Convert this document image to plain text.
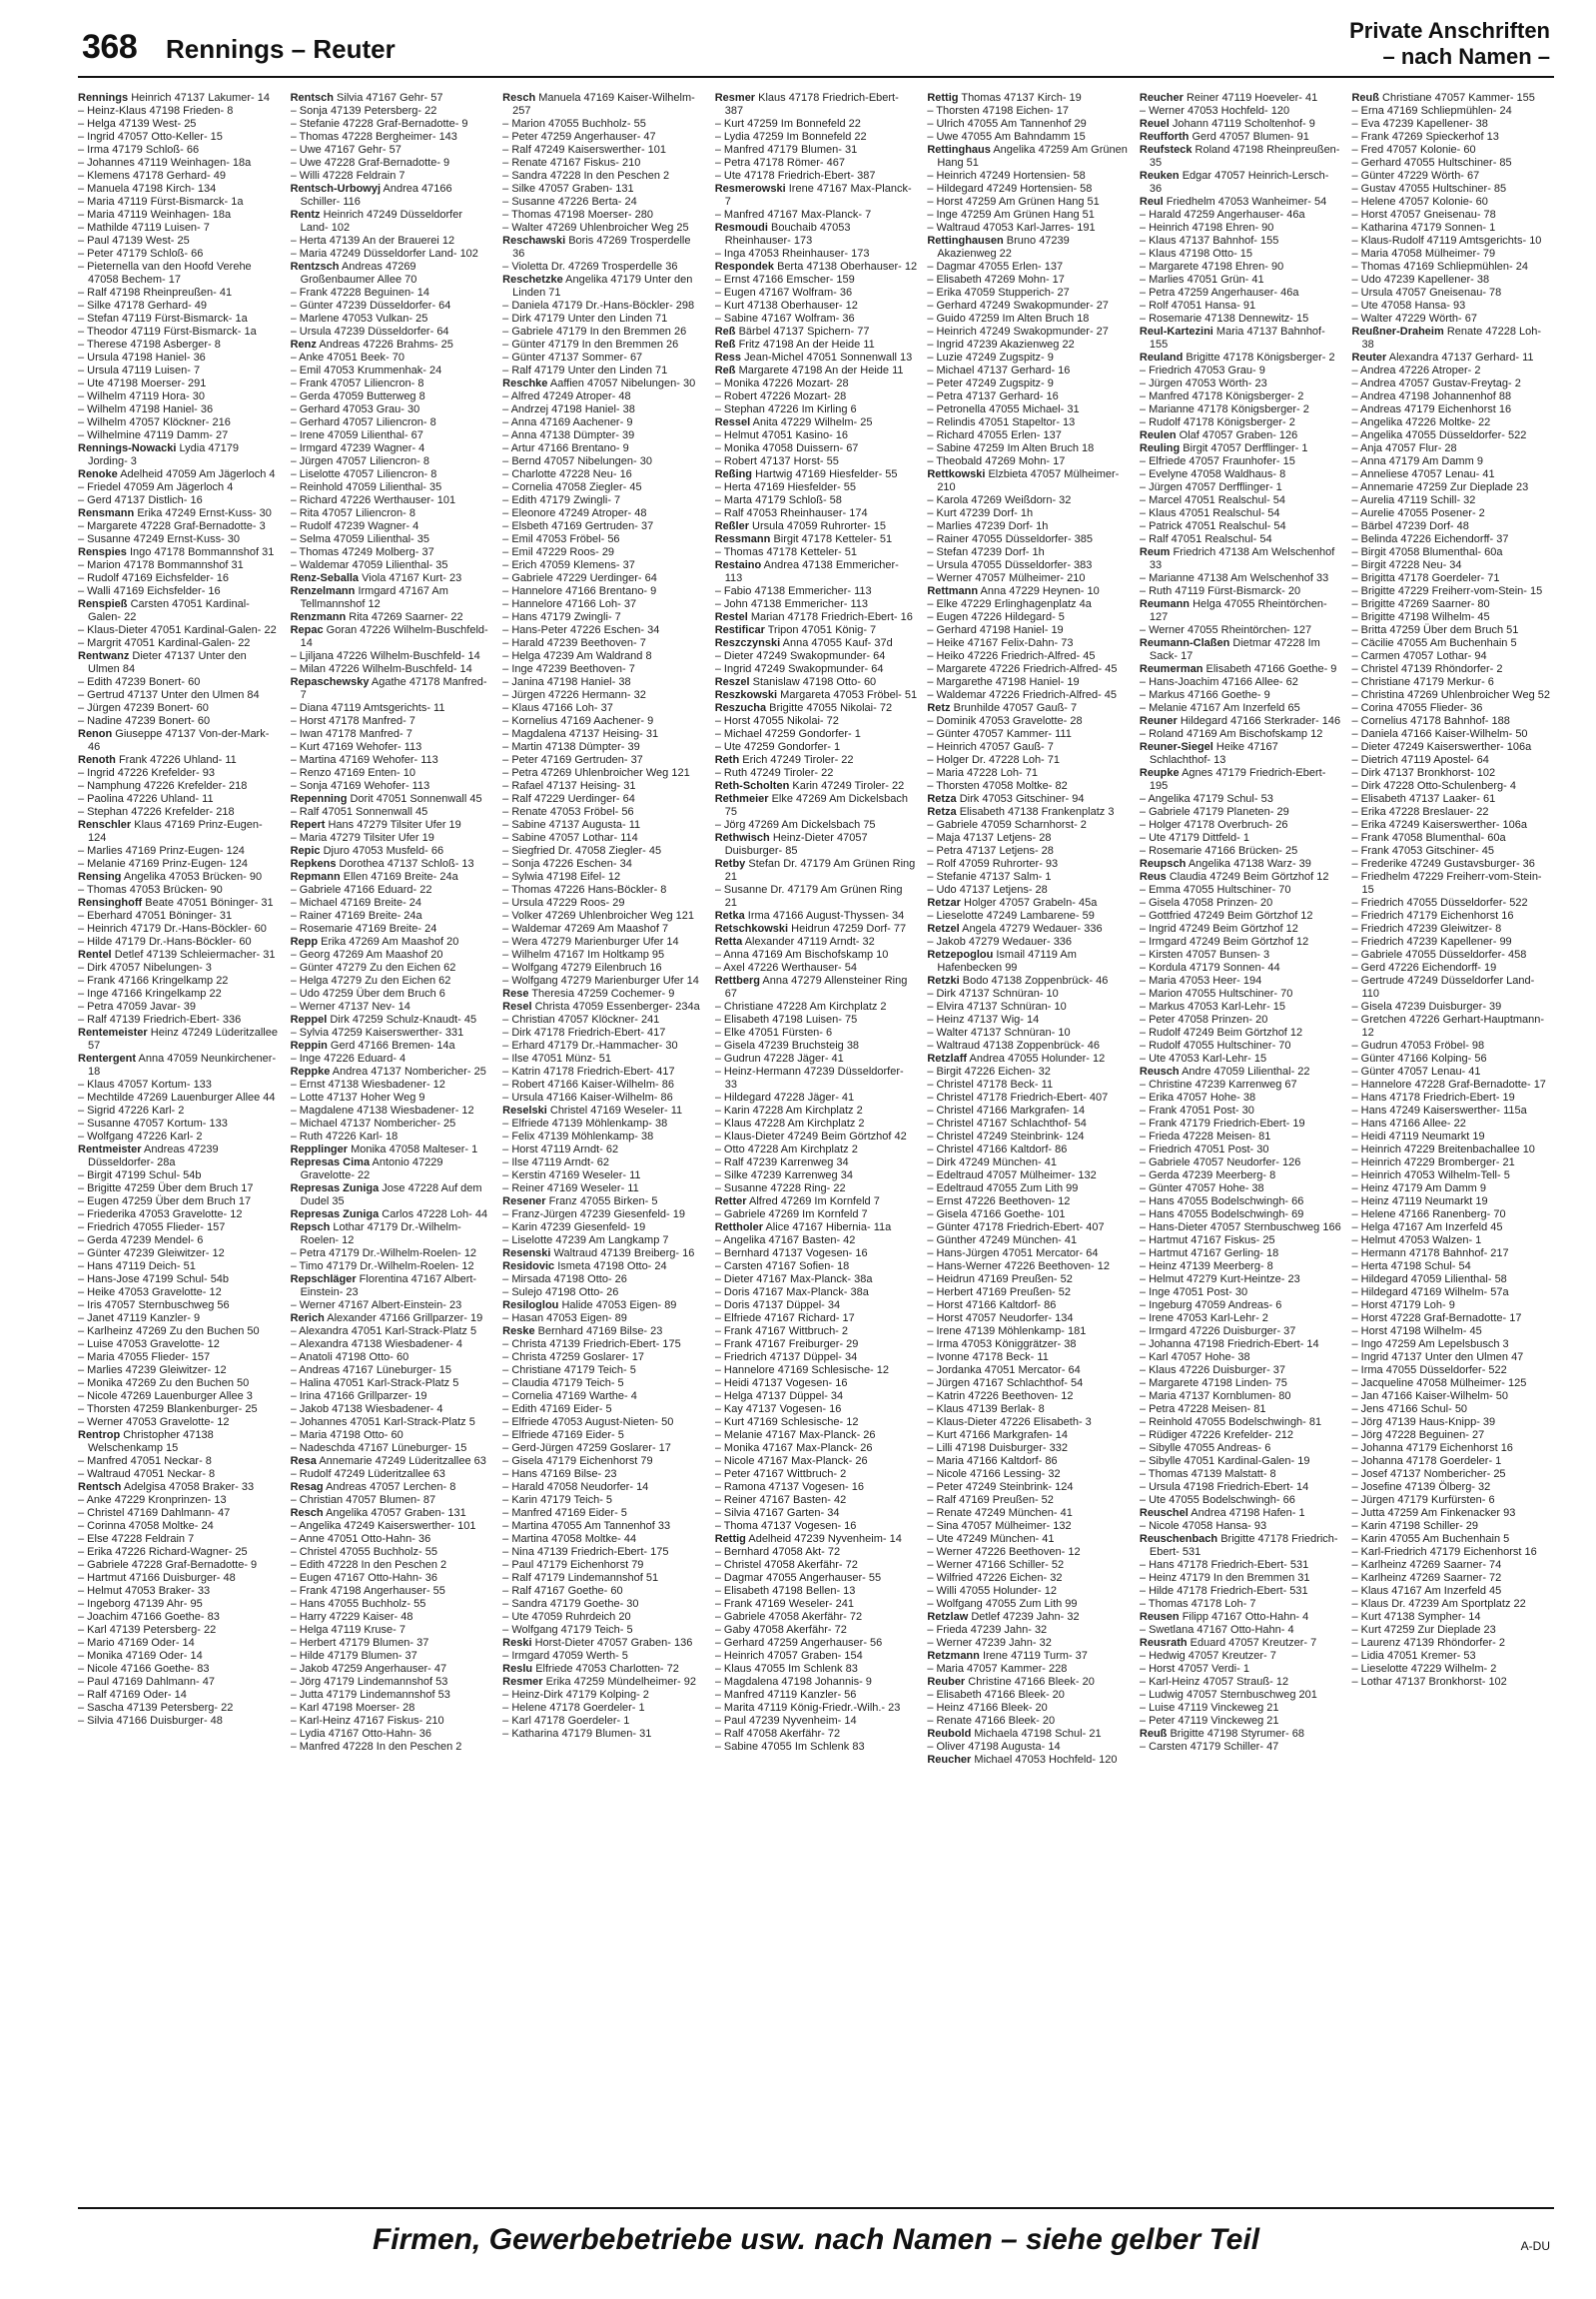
368 Rennings – Reuter
Private Anschriften
– nach Namen –
Rennings Heinrich 47137 Lakumer- 14
– Heinz-Klaus 47198 Frieden- 8
– Helga 47139 West- 25
– Ingrid 47057 Otto-Keller- 15
– Irma 47179 Schloß- 66
– Johannes 47119 Weinhagen- 18a
– Klemens 47178 Gerhard- 49
– Manuela 47198 Kirch- 134
– Maria 47119 Fürst-Bismarck- 1a
– Maria 47119 Weinhagen- 18a
– Mathilde 47119 Luisen- 7
– Paul 47139 West- 25
– Peter 47179 Schloß- 66
– Pieternella van den Hoofd Verehe 47058 Bechem- 17
– Ralf 47198 Rheinpreußen- 41
– Silke 47178 Gerhard- 49
– Stefan 47119 Fürst-Bismarck- 1a
– Theodor 47119 Fürst-Bismarck- 1a
– Therese 47198 Asberger- 8
– Ursula 47198 Haniel- 36
– Ursula 47119 Luisen- 7
– Ute 47198 Moerser- 291
– Wilhelm 47119 Hora- 30
– Wilhelm 47198 Haniel- 36
– Wilhelm 47057 Klöckner- 216
– Wilhelmine 47119 Damm- 27
Rennings-Nowacki Lydia 47179 Jording- 3
Renoke Adelheid 47059 Am Jägerloch 4
– Friedel 47059 Am Jägerloch 4
– Gerd 47137 Distlich- 16
Rensmann Erika 47249 Ernst-Kuss- 30
– Margarete 47228 Graf-Bernadotte- 3
– Susanne 47249 Ernst-Kuss- 30
Renspies Ingo 47178 Bommannshof 31
– Marion 47178 Bommannshof 31
– Rudolf 47169 Eichsfelder- 16
– Walli 47169 Eichsfelder- 16
Renspieß Carsten 47051 Kardinal-Galen- 22
– Klaus-Dieter 47051 Kardinal-Galen- 22
– Margrit 47051 Kardinal-Galen- 22
Rentwanz Dieter 47137 Unter den Ulmen 84
– Edith 47239 Bonert- 60
– Gertrud 47137 Unter den Ulmen 84
– Jürgen 47239 Bonert- 60
– Nadine 47239 Bonert- 60
Renon Giuseppe 47137 Von-der-Mark- 46
Renoth Frank 47226 Uhland- 11
– Ingrid 47226 Krefelder- 93
– Namphung 47226 Krefelder- 218
– Paolina 47226 Uhland- 11
– Stephan 47226 Krefelder- 218
Renschler Klaus 47169 Prinz-Eugen- 124
– Marlies 47169 Prinz-Eugen- 124
– Melanie 47169 Prinz-Eugen- 124
Rensing Angelika 47053 Brücken- 90
– Thomas 47053 Brücken- 90
Rensinghoff Beate 47051 Böninger- 31
– Eberhard 47051 Böninger- 31
– Heinrich 47179 Dr.-Hans-Böckler- 60
– Hilde 47179 Dr.-Hans-Böckler- 60
Rentel Detlef 47139 Schleiermacher- 31
– Dirk 47057 Nibelungen- 3
– Frank 47166 Kringelkamp 22
– Inge 47166 Kringelkamp 22
– Petra 47059 Javar- 39
– Ralf 47139 Friedrich-Ebert- 336
Rentemeister Heinz 47249 Lüderitzallee 57
Rentergent Anna 47059 Neunkirchener- 18
– Klaus 47057 Kortum- 133
– Mechtilde 47269 Lauenburger Allee 44
– Sigrid 47226 Karl- 2
– Susanne 47057 Kortum- 133
– Wolfgang 47226 Karl- 2
Rentmeister Andreas 47239 Düsseldorfer- 28a
– Birgit 47199 Schul- 54b
– Brigitte 47259 Über dem Bruch 17
– Eugen 47259 Über dem Bruch 17
– Friederika 47053 Gravelotte- 12
– Friedrich 47055 Flieder- 157
– Gerda 47239 Mendel- 6
– Günter 47239 Gleiwitzer- 12
– Hans 47119 Deich- 51
– Hans-Jose 47199 Schul- 54b
– Heike 47053 Gravelotte- 12
– Iris 47057 Sternbuschweg 56
– Janet 47119 Kanzler- 9
– Karlheinz 47269 Zu den Buchen 50
– Luise 47053 Gravelotte- 12
– Maria 47055 Flieder- 157
– Marlies 47239 Gleiwitzer- 12
– Monika 47269 Zu den Buchen 50
– Nicole 47269 Lauenburger Allee 3
– Thorsten 47259 Blankenburger- 25
– Werner 47053 Gravelotte- 12
Rentrop Christopher 47138 Welschenkamp 15
– Manfred 47051 Neckar- 8
– Waltraud 47051 Neckar- 8
Rentsch Adelgisa 47058 Braker- 33
– Anke 47229 Kronprinzen- 13
– Christel 47169 Dahlmann- 47
– Corinna 47058 Moltke- 24
– Else 47228 Feldrain 7
– Erika 47226 Richard-Wagner- 25
– Gabriele 47228 Graf-Bernadotte- 9
– Hartmut 47166 Duisburger- 48
– Helmut 47053 Braker- 33
– Ingeborg 47139 Ahr- 95
– Joachim 47166 Goethe- 83
– Karl 47139 Petersberg- 22
– Mario 47169 Oder- 14
– Monika 47169 Oder- 14
– Nicole 47166 Goethe- 83
– Paul 47169 Dahlmann- 47
– Ralf 47169 Oder- 14
– Sascha 47139 Petersberg- 22
– Silvia 47166 Duisburger- 48
Rentsch Silvia 47167 Gehr- 57
– Sonja 47139 Petersberg- 22
– Stefanie 47228 Graf-Bernadotte- 9
– Thomas 47228 Bergheimer- 143
– Uwe 47167 Gehr- 57
– Uwe 47228 Graf-Bernadotte- 9
– Willi 47228 Feldrain 7
Rentsch-Urbowyj Andrea 47166 Schiller- 116
Rentz Heinrich 47249 Düsseldorfer Land- 102
– Herta 47139 An der Brauerei 12
– Maria 47249 Düsseldorfer Land- 102
Rentzsch Andreas 47269 Großenbaumer Allee 70
– Frank 47228 Beguinen- 14
– Günter 47239 Düsseldorfer- 64
– Marlene 47053 Vulkan- 25
– Ursula 47239 Düsseldorfer- 64
Renz Andreas 47226 Brahms- 25
– Anke 47051 Beek- 70
– Emil 47053 Krummenhak- 24
– Frank 47057 Liliencron- 8
– Gerda 47059 Butterweg 8
– Gerhard 47053 Grau- 30
– Gerhard 47057 Liliencron- 8
– Irene 47059 Lilienthal- 67
– Irmgard 47239 Wagner- 4
– Jürgen 47057 Liliencron- 8
– Liselotte 47057 Liliencron- 8
– Reinhold 47059 Lilienthal- 35
– Richard 47226 Werthauser- 101
– Rita 47057 Liliencron- 8
– Rudolf 47239 Wagner- 4
– Selma 47059 Lilienthal- 35
– Thomas 47249 Molberg- 37
– Waldemar 47059 Lilienthal- 35
Renz-Seballa Viola 47167 Kurt- 23
Renzelmann Irmgard 47167 Am Tellmannshof 12
Renzmann Rita 47269 Saarner- 22
Repac Goran 47226 Wilhelm-Buschfeld- 14
– Ljiljana 47226 Wilhelm-Buschfeld- 14
– Milan 47226 Wilhelm-Buschfeld- 14
Repaschewsky Agathe 47178 Manfred- 7
– Diana 47119 Amtsgerichts- 11
– Horst 47178 Manfred- 7
– Iwan 47178 Manfred- 7
– Kurt 47169 Wehofer- 113
– Martina 47169 Wehofer- 113
– Renzo 47169 Enten- 10
– Sonja 47169 Wehofer- 113
Repenning Dorit 47051 Sonnenwall 45
– Ralf 47051 Sonnenwall 45
Repert Hans 47279 Tilsiter Ufer 19
– Maria 47279 Tilsiter Ufer 19
Repic Djuro 47053 Musfeld- 66
Repkens Dorothea 47137 Schloß- 13
Repmann Ellen 47169 Breite- 24a
– Gabriele 47166 Eduard- 22
– Michael 47169 Breite- 24
– Rainer 47169 Breite- 24a
– Rosemarie 47169 Breite- 24
Repp Erika 47269 Am Maashof 20
– Georg 47269 Am Maashof 20
– Günter 47279 Zu den Eichen 62
– Helga 47279 Zu den Eichen 62
– Udo 47259 Über dem Bruch 6
– Werner 47137 Nev- 14
Reppel Dirk 47259 Schulz-Knaudt- 45
– Sylvia 47259 Kaiserswerther- 331
Reppin Gerd 47166 Bremen- 14a
– Inge 47226 Eduard- 4
Reppke Andrea 47137 Nombericher- 25
– Ernst 47138 Wiesbadener- 12
– Lotte 47137 Hoher Weg 9
– Magdalene 47138 Wiesbadener- 12
– Michael 47137 Nombericher- 25
– Ruth 47226 Karl- 18
Repplinger Monika 47058 Malteser- 1
Represas Cima Antonio 47229 Gravelotte- 22
Represas Zuniga Jose 47228 Auf dem Dudel 35
Represas Zuniga Carlos 47228 Loh- 44
Repsch Lothar 47179 Dr.-Wilhelm-Roelen- 12
– Petra 47179 Dr.-Wilhelm-Roelen- 12
– Timo 47179 Dr.-Wilhelm-Roelen- 12
Repschläger Florentina 47167 Albert-Einstein- 23
– Werner 47167 Albert-Einstein- 23
Rerich Alexander 47166 Grillparzer- 19
– Alexandra 47051 Karl-Strack-Platz 5
– Alexandra 47138 Wiesbadener- 4
– Anatoli 47198 Otto- 60
– Andreas 47167 Lüneburger- 15
– Halina 47051 Karl-Strack-Platz 5
– Irina 47166 Grillparzer- 19
– Jakob 47138 Wiesbadener- 4
– Johannes 47051 Karl-Strack-Platz 5
– Maria 47198 Otto- 60
– Nadeschda 47167 Lüneburger- 15
Resa Annemarie 47249 Lüderitzallee 63
– Rudolf 47249 Lüderitzallee 63
Resag Andreas 47057 Lerchen- 8
– Christian 47057 Blumen- 87
Resch Angelika 47057 Graben- 131
– Angelika 47249 Kaiserswerther- 101
– Anne 47051 Otto-Hahn- 36
– Christel 47055 Buchholz- 55
– Edith 47228 In den Peschen 2
– Eugen 47167 Otto-Hahn- 36
– Frank 47198 Angerhauser- 55
– Hans 47055 Buchholz- 55
– Harry 47229 Kaiser- 48
– Helga 47119 Kruse- 7
– Herbert 47179 Blumen- 37
– Hilde 47179 Blumen- 37
– Jakob 47259 Angerhauser- 47
– Jörg 47179 Lindemannshof 53
– Jutta 47179 Lindemannshof 53
– Karl 47198 Moerser- 28
– Karl-Heinz 47167 Fiskus- 210
– Lydia 47167 Otto-Hahn- 36
– Manfred 47228 In den Peschen 2
Resch Manuela 47169 Kaiser-Wilhelm- 257
– Marion 47055 Buchholz- 55
– Peter 47259 Angerhauser- 47
– Ralf 47249 Kaiserswerther- 101
– Renate 47167 Fiskus- 210
– Sandra 47228 In den Peschen 2
– Silke 47057 Graben- 131
– Susanne 47226 Berta- 24
– Thomas 47198 Moerser- 280
– Walter 47269 Uhlenbroicher Weg 25
Reschawski Boris 47269 Trosperdelle 36
– Violetta Dr. 47269 Trosperdelle 36
Reschetzke Angelika 47179 Unter den Linden 71
– Daniela 47179 Dr.-Hans-Böckler- 298
– Dirk 47179 Unter den Linden 71
– Gabriele 47179 In den Bremmen 26
– Günter 47179 In den Bremmen 26
– Günter 47137 Sommer- 67
– Ralf 47179 Unter den Linden 71
Reschke Aaffien 47057 Nibelungen- 30
– Alfred 47249 Atroper- 48
– Andrzej 47198 Haniel- 38
– Anna 47169 Aachener- 9
– Anna 47138 Dümpter- 39
– Artur 47166 Brentano- 9
– Bernd 47057 Nibelungen- 30
– Charlotte 47228 Neu- 16
– Cornelia 47058 Ziegler- 45
– Edith 47179 Zwingli- 7
– Eleonore 47249 Atroper- 48
– Elsbeth 47169 Gertruden- 37
– Emil 47053 Fröbel- 56
– Emil 47229 Roos- 29
– Erich 47059 Klemens- 37
– Gabriele 47229 Uerdinger- 64
– Hannelore 47166 Brentano- 9
– Hannelore 47166 Loh- 37
– Hans 47179 Zwingli- 7
– Hans-Peter 47226 Eschen- 34
– Harald 47239 Beethoven- 7
– Helga 47239 Am Waldrand 8
– Inge 47239 Beethoven- 7
– Janina 47198 Haniel- 38
– Jürgen 47226 Hermann- 32
– Klaus 47166 Loh- 37
– Kornelius 47169 Aachener- 9
– Magdalena 47137 Heising- 31
– Martin 47138 Dümpter- 39
– Peter 47169 Gertruden- 37
– Petra 47269 Uhlenbroicher Weg 121
– Rafael 47137 Heising- 31
– Ralf 47229 Uerdinger- 64
– Renate 47053 Fröbel- 56
– Sabine 47137 Augusta- 11
– Sabine 47057 Lothar- 114
– Siegfried Dr. 47058 Ziegler- 45
– Sonja 47226 Eschen- 34
– Sylwia 47198 Eifel- 12
– Thomas 47226 Hans-Böckler- 8
– Ursula 47229 Roos- 29
– Volker 47269 Uhlenbroicher Weg 121
– Waldemar 47269 Am Maashof 7
– Wera 47279 Marienburger Ufer 14
– Wilhelm 47167 Im Holtkamp 95
– Wolfgang 47279 Eilenbruch 16
– Wolfgang 47279 Marienburger Ufer 14
Rese Theresia 47259 Cochemer- 9
Resel Christa 47059 Essenberger- 234a
– Christian 47057 Klöckner- 241
– Dirk 47178 Friedrich-Ebert- 417
– Erhard 47179 Dr.-Hammacher- 30
– Ilse 47051 Münz- 51
– Katrin 47178 Friedrich-Ebert- 417
– Robert 47166 Kaiser-Wilhelm- 86
– Ursula 47166 Kaiser-Wilhelm- 86
Reselski Christel 47169 Weseler- 11
– Elfriede 47139 Möhlenkamp- 38
– Felix 47139 Möhlenkamp- 38
– Horst 47119 Arndt- 62
– Ilse 47119 Arndt- 62
– Kerstin 47169 Weseler- 11
– Reiner 47169 Weseler- 11
Resener Franz 47055 Birken- 5
– Franz-Jürgen 47239 Giesenfeld- 19
– Karin 47239 Giesenfeld- 19
– Liselotte 47239 Am Langkamp 7
Resenski Waltraud 47139 Breiberg- 16
Residovic Ismeta 47198 Otto- 24
– Mirsada 47198 Otto- 26
– Sulejo 47198 Otto- 26
Resiloglou Halide 47053 Eigen- 89
– Hasan 47053 Eigen- 89
Reske Bernhard 47169 Bilse- 23
– Christa 47139 Friedrich-Ebert- 175
– Christa 47259 Goslarer- 17
– Christiane 47179 Teich- 5
– Claudia 47179 Teich- 5
– Cornelia 47169 Warthe- 4
– Edith 47169 Eider- 5
– Elfriede 47053 August-Nieten- 50
– Elfriede 47169 Eider- 5
– Gerd-Jürgen 47259 Goslarer- 17
– Gisela 47179 Eichenhorst 79
– Hans 47169 Bilse- 23
– Harald 47058 Neudorfer- 14
– Karin 47179 Teich- 5
– Manfred 47169 Eider- 5
– Martina 47055 Am Tannenhof 33
– Martina 47058 Moltke- 44
– Nina 47139 Friedrich-Ebert- 175
– Paul 47179 Eichenhorst 79
– Ralf 47179 Lindemannshof 51
– Ralf 47167 Goethe- 60
– Sandra 47179 Goethe- 30
– Ute 47059 Ruhrdeich 20
– Wolfgang 47179 Teich- 5
Reski Horst-Dieter 47057 Graben- 136
– Irmgard 47059 Werth- 5
Reslu Elfriede 47053 Charlotten- 72
Resmer Erika 47259 Mündelheimer- 92
– Heinz-Dirk 47179 Kolping- 2
– Helene 47178 Goerdeler- 1
– Karl 47178 Goerdeler- 1
– Katharina 47179 Blumen- 31
Resmer Klaus 47178 Friedrich-Ebert- 387
– Kurt 47259 Im Bonnefeld 22
– Lydia 47259 Im Bonnefeld 22
– Manfred 47179 Blumen- 31
– Petra 47178 Römer- 467
– Ute 47178 Friedrich-Ebert- 387
Resmerowski Irene 47167 Max-Planck- 7
– Manfred 47167 Max-Planck- 7
Resmoudi Bouchaib 47053 Rheinhauser- 173
– Inga 47053 Rheinhauser- 173
Respondek Berta 47138 Oberhauser- 12
– Ernst 47166 Emscher- 159
– Eugen 47167 Wolfram- 36
– Kurt 47138 Oberhauser- 12
– Sabine 47167 Wolfram- 36
Reß Bärbel 47137 Spichern- 77
Reß Fritz 47198 An der Heide 11
Ress Jean-Michel 47051 Sonnenwall 13
Reß Margarete 47198 An der Heide 11
– Monika 47226 Mozart- 28
– Robert 47226 Mozart- 28
– Stephan 47226 Im Kirling 6
Ressel Anita 47229 Wilhelm- 25
– Helmut 47051 Kasino- 16
– Monika 47058 Duissern- 67
– Robert 47137 Horst- 55
Reßing Hartwig 47169 Hiesfelder- 55
– Herta 47169 Hiesfelder- 55
– Marta 47179 Schloß- 58
– Ralf 47053 Rheinhauser- 174
Reßler Ursula 47059 Ruhrorter- 15
Ressmann Birgit 47178 Ketteler- 51
– Thomas 47178 Ketteler- 51
Restaino Andrea 47138 Emmericher- 113
– Fabio 47138 Emmericher- 113
– John 47138 Emmericher- 113
Restel Marian 47178 Friedrich-Ebert- 16
Restificar Tripon 47051 König- 7
Reszczynski Anna 47055 Kauf- 37d
– Dieter 47249 Swakopmunder- 64
– Ingrid 47249 Swakopmunder- 64
Reszel Stanislaw 47198 Otto- 60
Reszkowski Margareta 47053 Fröbel- 51
Reszucha Brigitte 47055 Nikolai- 72
– Horst 47055 Nikolai- 72
– Michael 47259 Gondorfer- 1
– Ute 47259 Gondorfer- 1
Reth Erich 47249 Tiroler- 22
– Ruth 47249 Tiroler- 22
Reth-Scholten Karin 47249 Tiroler- 22
Rethmeier Elke 47269 Am Dickelsbach 75
– Jörg 47269 Am Dickelsbach 75
Rethwisch Heinz-Dieter 47057 Duisburger- 85
Retby Stefan Dr. 47179 Am Grünen Ring 21
– Susanne Dr. 47179 Am Grünen Ring 21
Retka Irma 47166 August-Thyssen- 34
Retschkowski Heidrun 47259 Dorf- 77
Retta Alexander 47119 Arndt- 32
– Anna 47169 Am Bischofskamp 10
– Axel 47226 Werthauser- 54
Rettberg Anna 47279 Allensteiner Ring 67
– Christiane 47228 Am Kirchplatz 2
– Elisabeth 47198 Luisen- 75
– Elke 47051 Fürsten- 6
– Gisela 47239 Bruchsteig 38
– Gudrun 47228 Jäger- 41
– Heinz-Hermann 47239 Düsseldorfer- 33
– Hildegard 47228 Jäger- 41
– Karin 47228 Am Kirchplatz 2
– Klaus 47228 Am Kirchplatz 2
– Klaus-Dieter 47249 Beim Görtzhof 42
– Otto 47228 Am Kirchplatz 2
– Ralf 47239 Karrenweg 34
– Silke 47239 Karrenweg 34
– Susanne 47228 Ring- 22
Retter Alfred 47269 Im Kornfeld 7
– Gabriele 47269 Im Kornfeld 7
Rettholer Alice 47167 Hibernia- 11a
– Angelika 47167 Basten- 42
– Bernhard 47137 Vogesen- 16
– Carsten 47167 Sofien- 18
– Dieter 47167 Max-Planck- 38a
– Doris 47167 Max-Planck- 38a
– Doris 47137 Düppel- 34
– Elfriede 47167 Richard- 17
– Frank 47167 Wittbruch- 2
– Frank 47167 Freiburger- 29
– Friedrich 47137 Düppel- 34
– Hannelore 47169 Schlesische- 12
– Heidi 47137 Vogesen- 16
– Helga 47137 Düppel- 34
– Kay 47137 Vogesen- 16
– Kurt 47169 Schlesische- 12
– Melanie 47167 Max-Planck- 26
– Monika 47167 Max-Planck- 26
– Nicole 47167 Max-Planck- 26
– Peter 47167 Wittbruch- 2
– Ramona 47137 Vogesen- 16
– Reiner 47167 Basten- 42
– Silvia 47167 Garten- 34
– Thoma 47137 Vogesen- 16
Rettig Adelheid 47239 Nyvenheim- 14
– Bernhard 47058 Akt- 72
– Christel 47058 Akerfähr- 72
– Dagmar 47055 Angerhauser- 55
– Elisabeth 47198 Bellen- 13
– Frank 47169 Weseler- 241
– Gabriele 47058 Akerfähr- 72
– Gaby 47058 Akerfähr- 72
– Gerhard 47259 Angerhauser- 56
– Heinrich 47057 Graben- 154
– Klaus 47055 Im Schlenk 83
– Magdalena 47198 Johannis- 9
– Manfred 47119 Kanzler- 56
– Marita 47119 König-Friedr.-Wilh.- 23
– Paul 47239 Nyvenheim- 14
– Ralf 47058 Akerfähr- 72
– Sabine 47055 Im Schlenk 83
Rettig Thomas 47137 Kirch- 19
– Thorsten 47198 Eichen- 17
– Ulrich 47055 Am Tannenhof 29
– Uwe 47055 Am Bahndamm 15
Rettinghaus Angelika 47259 Am Grünen Hang 51
– Heinrich 47249 Hortensien- 58
– Hildegard 47249 Hortensien- 58
– Horst 47259 Am Grünen Hang 51
– Inge 47259 Am Grünen Hang 51
– Waltraud 47053 Karl-Jarres- 191
Rettinghausen Bruno 47239 Akazienweg 22
– Dagmar 47055 Erlen- 137
– Elisabeth 47269 Mohn- 17
– Erika 47059 Stupperich- 27
– Gerhard 47249 Swakopmunder- 27
– Guido 47259 Im Alten Bruch 18
– Heinrich 47249 Swakopmunder- 27
– Ingrid 47239 Akazienweg 22
– Luzie 47249 Zugspitz- 9
– Michael 47137 Gerhard- 16
– Peter 47249 Zugspitz- 9
– Petra 47137 Gerhard- 16
– Petronella 47055 Michael- 31
– Relindis 47051 Stapeltor- 13
– Richard 47055 Erlen- 137
– Sabine 47259 Im Alten Bruch 18
– Theobald 47269 Mohn- 17
Rettkowski Elzbieta 47057 Mülheimer- 210
– Karola 47269 Weißdorn- 32
– Kurt 47239 Dorf- 1h
– Marlies 47239 Dorf- 1h
– Rainer 47055 Düsseldorfer- 385
– Stefan 47239 Dorf- 1h
– Ursula 47055 Düsseldorfer- 383
– Werner 47057 Mülheimer- 210
Rettmann Anna 47229 Heynen- 10
– Elke 47229 Erlinghagenplatz 4a
– Eugen 47226 Hildegard- 5
– Gerhard 47198 Haniel- 19
– Heike 47167 Felix-Dahn- 73
– Heiko 47226 Friedrich-Alfred- 45
– Margarete 47226 Friedrich-Alfred- 45
– Margarethe 47198 Haniel- 19
– Waldemar 47226 Friedrich-Alfred- 45
Retz Brunhilde 47057 Gauß- 7
– Dominik 47053 Gravelotte- 28
– Günter 47057 Kammer- 111
– Heinrich 47057 Gauß- 7
– Holger Dr. 47228 Loh- 71
– Maria 47228 Loh- 71
– Thorsten 47058 Moltke- 82
Retza Dirk 47053 Gitschiner- 94
Retza Elisabeth 47138 Frankenplatz 3
– Gabriele 47059 Scharnhorst- 2
– Maja 47137 Letjens- 28
– Petra 47137 Letjens- 28
– Rolf 47059 Ruhrorter- 93
– Stefanie 47137 Salm- 1
– Udo 47137 Letjens- 28
Retzar Holger 47057 Grabeln- 45a
– Lieselotte 47249 Lambarene- 59
Retzel Angela 47279 Wedauer- 336
– Jakob 47279 Wedauer- 336
Retzepoglou Ismail 47119 Am Hafenbecken 99
Retzki Bodo 47138 Zoppenbrück- 46
– Dirk 47137 Schnüran- 10
– Elvira 47137 Schnüran- 10
– Heinz 47137 Wig- 14
– Walter 47137 Schnüran- 10
– Waltraud 47138 Zoppenbrück- 46
Retzlaff Andrea 47055 Holunder- 12
– Birgit 47226 Eichen- 32
– Christel 47178 Beck- 11
– Christel 47178 Friedrich-Ebert- 407
– Christel 47166 Markgrafen- 14
– Christel 47167 Schlachthof- 54
– Christel 47249 Steinbrink- 124
– Christel 47166 Kaltdorf- 86
– Dirk 47249 München- 41
– Edeltraud 47057 Mülheimer- 132
– Edeltraud 47055 Zum Lith 99
– Ernst 47226 Beethoven- 12
– Gisela 47166 Goethe- 101
– Günter 47178 Friedrich-Ebert- 407
– Günther 47249 München- 41
– Hans-Jürgen 47051 Mercator- 64
– Hans-Werner 47226 Beethoven- 12
– Heidrun 47169 Preußen- 52
– Herbert 47169 Preußen- 52
– Horst 47166 Kaltdorf- 86
– Horst 47057 Neudorfer- 134
– Irene 47139 Möhlenkamp- 181
– Irma 47053 Königgrätzer- 38
– Ivonne 47178 Beck- 11
– Jordanka 47051 Mercator- 64
– Jürgen 47167 Schlachthof- 54
– Katrin 47226 Beethoven- 12
– Klaus 47139 Berlak- 8
– Klaus-Dieter 47226 Elisabeth- 3
– Kurt 47166 Markgrafen- 14
– Lilli 47198 Duisburger- 332
– Maria 47166 Kaltdorf- 86
– Nicole 47166 Lessing- 32
– Peter 47249 Steinbrink- 124
– Ralf 47169 Preußen- 52
– Renate 47249 München- 41
– Sina 47057 Mülheimer- 132
– Ute 47249 München- 41
– Werner 47226 Beethoven- 12
– Werner 47166 Schiller- 52
– Wilfried 47226 Eichen- 32
– Willi 47055 Holunder- 12
– Wolfgang 47055 Zum Lith 99
Retzlaw Detlef 47239 Jahn- 32
– Frieda 47239 Jahn- 32
– Werner 47239 Jahn- 32
Retzmann Irene 47119 Turm- 37
– Maria 47057 Kammer- 228
Reuber Christine 47166 Bleek- 20
– Elisabeth 47166 Bleek- 20
– Heinz 47166 Bleek- 20
– Renate 47166 Bleek- 20
Reubold Michaela 47198 Schul- 21
– Oliver 47198 Augusta- 14
Reucher Michael 47053 Hochfeld- 120
Reucher Reiner 47119 Hoeveler- 41
– Werner 47053 Hochfeld- 120
Reuel Johann 47119 Scholtenhof- 9
Reufforth Gerd 47057 Blumen- 91
Reufsteck Roland 47198 Rheinpreußen- 35
Reuken Edgar 47057 Heinrich-Lersch- 36
Reul Friedhelm 47053 Wanheimer- 54
– Harald 47259 Angerhauser- 46a
– Heinrich 47198 Ehren- 90
– Klaus 47137 Bahnhof- 155
– Klaus 47198 Otto- 15
– Margarete 47198 Ehren- 90
– Marlies 47051 Grün- 41
– Petra 47259 Angerhauser- 46a
– Rolf 47051 Hansa- 91
– Rosemarie 47138 Dennewitz- 15
Reul-Kartezini Maria 47137 Bahnhof- 155
Reuland Brigitte 47178 Königsberger- 2
– Friedrich 47053 Grau- 9
– Jürgen 47053 Wörth- 23
– Manfred 47178 Königsberger- 2
– Marianne 47178 Königsberger- 2
– Rudolf 47178 Königsberger- 2
Reulen Olaf 47057 Graben- 126
Reuling Birgit 47057 Derfflinger- 1
– Elfriede 47057 Fraunhofer- 15
– Evelyne 47058 Waldhaus- 8
– Jürgen 47057 Derfflinger- 1
– Marcel 47051 Realschul- 54
– Klaus 47051 Realschul- 54
– Patrick 47051 Realschul- 54
– Ralf 47051 Realschul- 54
Reum Friedrich 47138 Am Welschenhof 33
– Marianne 47138 Am Welschenhof 33
– Ruth 47119 Fürst-Bismarck- 20
Reumann Helga 47055 Rheintörchen- 127
– Werner 47055 Rheintörchen- 127
Reumann-Claßen Dietmar 47228 Im Sack- 17
Reumerman Elisabeth 47166 Goethe- 9
– Hans-Joachim 47166 Allee- 62
– Markus 47166 Goethe- 9
– Melanie 47167 Am Inzerfeld 65
Reuner Hildegard 47166 Sterkrader- 146
– Roland 47169 Am Bischofskamp 12
Reuner-Siegel Heike 47167 Schlachthof- 13
Reupke Agnes 47179 Friedrich-Ebert- 195
– Angelika 47179 Schul- 53
– Gabriele 47179 Planeten- 29
– Holger 47178 Overbruch- 26
– Ute 47179 Dittfeld- 1
– Rosemarie 47166 Brücken- 25
Reupsch Angelika 47138 Warz- 39
Reus Claudia 47249 Beim Görtzhof 12
– Emma 47055 Hultschiner- 70
– Gisela 47058 Prinzen- 20
– Gottfried 47249 Beim Görtzhof 12
– Ingrid 47249 Beim Görtzhof 12
– Irmgard 47249 Beim Görtzhof 12
– Kirsten 47057 Bunsen- 3
– Kordula 47179 Sonnen- 44
– Maria 47053 Heer- 194
– Marion 47055 Hultschiner- 70
– Markus 47053 Karl-Lehr- 15
– Peter 47058 Prinzen- 20
– Rudolf 47249 Beim Görtzhof 12
– Rudolf 47055 Hultschiner- 70
– Ute 47053 Karl-Lehr- 15
Reusch Andre 47059 Lilienthal- 22
– Christine 47239 Karrenweg 67
– Erika 47057 Hohe- 38
– Frank 47051 Post- 30
– Frank 47179 Friedrich-Ebert- 19
– Frieda 47228 Meisen- 81
– Friedrich 47051 Post- 30
– Gabriele 47057 Neudorfer- 126
– Gerda 47239 Meerberg- 8
– Günter 47057 Hohe- 38
– Hans 47055 Bodelschwingh- 66
– Hans 47055 Bodelschwingh- 69
– Hans-Dieter 47057 Sternbuschweg 166
– Hartmut 47167 Fiskus- 25
– Hartmut 47167 Gerling- 18
– Heinz 47139 Meerberg- 8
– Helmut 47279 Kurt-Heintze- 23
– Inge 47051 Post- 30
– Ingeburg 47059 Andreas- 6
– Irene 47053 Karl-Lehr- 2
– Irmgard 47226 Duisburger- 37
– Johanna 47198 Friedrich-Ebert- 14
– Karl 47057 Hohe- 38
– Klaus 47226 Duisburger- 37
– Margarete 47198 Linden- 75
– Maria 47137 Kornblumen- 80
– Petra 47228 Meisen- 81
– Reinhold 47055 Bodelschwingh- 81
– Rüdiger 47226 Krefelder- 212
– Sibylle 47055 Andreas- 6
– Sibylle 47051 Kardinal-Galen- 19
– Thomas 47139 Malstatt- 8
– Ursula 47198 Friedrich-Ebert- 14
– Ute 47055 Bodelschwingh- 66
Reuschel Andrea 47198 Hafen- 1
– Nicole 47058 Hansa- 93
Reuschenbach Brigitte 47178 Friedrich-Ebert- 531
– Hans 47178 Friedrich-Ebert- 531
– Heinz 47179 In den Bremmen 31
– Hilde 47178 Friedrich-Ebert- 531
– Thomas 47178 Loh- 7
Reusen Filipp 47167 Otto-Hahn- 4
– Swetlana 47167 Otto-Hahn- 4
Reusrath Eduard 47057 Kreutzer- 7
– Hedwig 47057 Kreutzer- 7
– Horst 47057 Verdi- 1
– Karl-Heinz 47057 Strauß- 12
– Ludwig 47057 Sternbuschweg 201
– Luise 47119 Vinckeweg 21
– Peter 47119 Vinckeweg 21
Reuß Brigitte 47198 Styrumer- 68
– Carsten 47179 Schiller- 47
Reuß Christiane 47057 Kammer- 155
– Erna 47169 Schliepmühlen- 24
– Eva 47239 Kapellener- 38
– Frank 47269 Spieckerhof 13
– Fred 47057 Kolonie- 60
– Gerhard 47055 Hultschiner- 85
– Günter 47229 Wörth- 67
– Gustav 47055 Hultschiner- 85
– Helene 47057 Kolonie- 60
– Horst 47057 Gneisenau- 78
– Katharina 47179 Sonnen- 1
– Klaus-Rudolf 47119 Amtsgerichts- 10
– Maria 47058 Mülheimer- 79
– Thomas 47169 Schliepmühlen- 24
– Udo 47239 Kapellener- 38
– Ursula 47057 Gneisenau- 78
– Ute 47058 Hansa- 93
– Walter 47229 Wörth- 67
Reußner-Draheim Renate 47228 Loh- 38
Reuter Alexandra 47137 Gerhard- 11
– Andrea 47226 Atroper- 2
– Andrea 47057 Gustav-Freytag- 2
– Andrea 47198 Johannenhof 88
– Andreas 47179 Eichenhorst 16
– Angelika 47226 Moltke- 22
– Angelika 47055 Düsseldorfer- 522
– Anja 47057 Flur- 28
– Anna 47179 Am Damm 9
– Anneliese 47057 Lenau- 41
– Annemarie 47259 Zur Dieplade 23
– Aurelia 47119 Schill- 32
– Aurelie 47055 Posener- 2
– Bärbel 47239 Dorf- 48
– Belinda 47226 Eichendorff- 37
– Birgit 47058 Blumenthal- 60a
– Birgit 47228 Neu- 34
– Brigitta 47178 Goerdeler- 71
– Brigitte 47229 Freiherr-vom-Stein- 15
– Brigitte 47269 Saarner- 80
– Brigitte 47198 Wilhelm- 45
– Britta 47259 Über dem Bruch 51
– Cäcilie 47055 Am Buchenhain 5
– Carmen 47057 Lothar- 94
– Christel 47139 Rhöndorfer- 2
– Christiane 47179 Merkur- 6
– Christina 47269 Uhlenbroicher Weg 52
– Corina 47055 Flieder- 36
– Cornelius 47178 Bahnhof- 188
– Daniela 47166 Kaiser-Wilhelm- 50
– Dieter 47249 Kaiserswerther- 106a
– Dietrich 47119 Apostel- 64
– Dirk 47137 Bronkhorst- 102
– Dirk 47228 Otto-Schulenberg- 4
– Elisabeth 47137 Laaker- 61
– Erika 47228 Breslauer- 22
– Erika 47249 Kaiserswerther- 106a
– Frank 47058 Blumenthal- 60a
– Frank 47053 Gitschiner- 45
– Frederike 47249 Gustavsburger- 36
– Friedhelm 47229 Freiherr-vom-Stein- 15
– Friedrich 47055 Düsseldorfer- 522
– Friedrich 47179 Eichenhorst 16
– Friedrich 47239 Gleiwitzer- 8
– Friedrich 47239 Kapellener- 99
– Gabriele 47055 Düsseldorfer- 458
– Gerd 47226 Eichendorff- 19
– Gertrude 47249 Düsseldorfer Land- 110
– Gisela 47239 Duisburger- 39
– Gretchen 47226 Gerhart-Hauptmann- 12
– Gudrun 47053 Fröbel- 98
– Günter 47166 Kolping- 56
– Günter 47057 Lenau- 41
– Hannelore 47228 Graf-Bernadotte- 17
– Hans 47178 Friedrich-Ebert- 19
– Hans 47249 Kaiserswerther- 115a
– Hans 47166 Allee- 22
– Heidi 47119 Neumarkt 19
– Heinrich 47229 Breitenbachallee 10
– Heinrich 47229 Bromberger- 21
– Heinrich 47053 Wilhelm-Tell- 5
– Heinz 47179 Am Damm 9
– Heinz 47119 Neumarkt 19
– Helene 47166 Ranenberg- 70
– Helga 47167 Am Inzerfeld 45
– Helmut 47053 Walzen- 1
– Hermann 47178 Bahnhof- 217
– Herta 47198 Schul- 54
– Hildegard 47059 Lilienthal- 58
– Hildegard 47169 Wilhelm- 57a
– Horst 47179 Loh- 9
– Horst 47228 Graf-Bernadotte- 17
– Horst 47198 Wilhelm- 45
– Ingo 47259 Am Lepelsbusch 3
– Ingrid 47137 Unter den Ulmen 47
– Irma 47055 Düsseldorfer- 522
– Jacqueline 47058 Mülheimer- 125
– Jan 47166 Kaiser-Wilhelm- 50
– Jens 47166 Schul- 50
– Jörg 47139 Haus-Knipp- 39
– Jörg 47228 Beguinen- 27
– Johanna 47179 Eichenhorst 16
– Johanna 47178 Goerdeler- 1
– Josef 47137 Nombericher- 25
– Josefine 47139 Ölberg- 32
– Jürgen 47179 Kurfürsten- 6
– Jutta 47259 Am Finkenacker 93
– Karin 47198 Schiller- 29
– Karin 47055 Am Buchenhain 5
– Karl-Friedrich 47179 Eichenhorst 16
– Karlheinz 47269 Saarner- 74
– Karlheinz 47269 Saarner- 72
– Klaus 47167 Am Inzerfeld 45
– Klaus Dr. 47239 Am Sportplatz 22
– Kurt 47138 Sympher- 14
– Kurt 47259 Zur Dieplade 23
– Laurenz 47139 Rhöndorfer- 2
– Lidia 47051 Kremer- 53
– Lieselotte 47229 Wilhelm- 2
– Lothar 47137 Bronkhorst- 102
Firmen, Gewerbebetriebe usw. nach Namen – siehe gelber Teil	A-DU
